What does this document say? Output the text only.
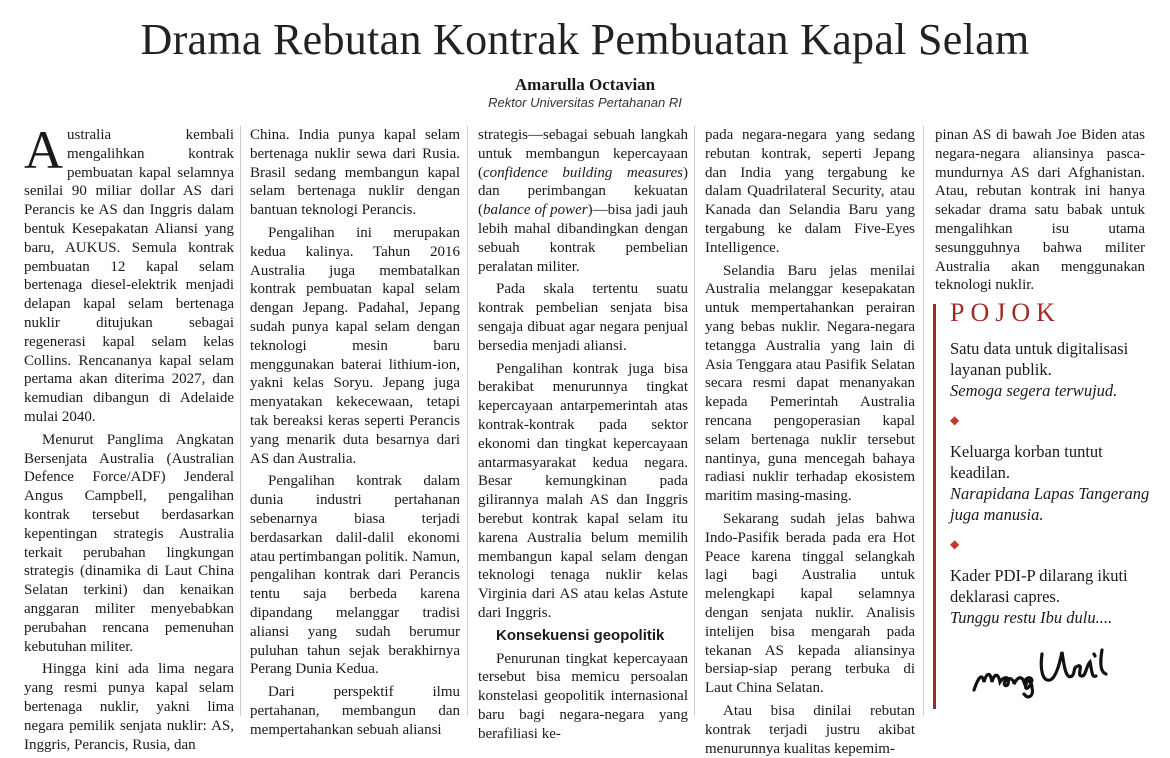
Drama Rebutan Kontrak Pembuatan Kapal Selam
Amarulla Octavian
Rektor Universitas Pertahanan RI

Australia kembali mengalihkan kontrak pembuatan kapal selamnya senilai 90 miliar dollar AS dari Perancis ke AS dan Inggris dalam bentuk Kesepakatan Aliansi yang baru, AUKUS. Semula kontrak pembuatan 12 kapal selam bertenaga diesel-elektrik menjadi delapan kapal selam bertenaga nuklir ditujukan sebagai regenerasi kapal selam kelas Collins. Rencananya kapal selam pertama akan diterima 2027, dan kemudian dibangun di Adelaide mulai 2040.

Menurut Panglima Angkatan Bersenjata Australia (Australian Defence Force/ADF) Jenderal Angus Campbell, pengalihan kontrak tersebut berdasarkan kepentingan strategis Australia terkait perubahan lingkungan strategis (dinamika di Laut China Selatan terkini) dan kenaikan anggaran militer menyebabkan perubahan rencana pemenuhan kebutuhan militer.

Hingga kini ada lima negara yang resmi punya kapal selam bertenaga nuklir, yakni lima negara pemilik senjata nuklir: AS, Inggris, Perancis, Rusia, dan

China. India punya kapal selam bertenaga nuklir sewa dari Rusia. Brasil sedang membangun kapal selam bertenaga nuklir dengan bantuan teknologi Perancis.

Pengalihan ini merupakan kedua kalinya. Tahun 2016 Australia juga membatalkan kontrak pembuatan kapal selam dengan Jepang. Padahal, Jepang sudah punya kapal selam dengan teknologi mesin baru menggunakan baterai lithium-ion, yakni kelas Soryu. Jepang juga menyatakan kekecewaan, tetapi tak bereaksi keras seperti Perancis yang menarik duta besarnya dari AS dan Australia.

Pengalihan kontrak dalam dunia industri pertahanan sebenarnya biasa terjadi berdasarkan dalil-dalil ekonomi atau pertimbangan politik. Namun, pengalihan kontrak dari Perancis tentu saja berbeda karena dipandang melanggar tradisi aliansi yang sudah berumur puluhan tahun sejak berakhirnya Perang Dunia Kedua.

Dari perspektif ilmu pertahanan, membangun dan mempertahankan sebuah aliansi

strategis—sebagai sebuah langkah untuk membangun kepercayaan (confidence building measures) dan perimbangan kekuatan (balance of power)—bisa jadi jauh lebih mahal dibandingkan dengan sebuah kontrak pembelian peralatan militer.

Pada skala tertentu suatu kontrak pembelian senjata bisa sengaja dibuat agar negara penjual bersedia menjadi aliansi.

Pengalihan kontrak juga bisa berakibat menurunnya tingkat kepercayaan antarpemerintah atas kontrak-kontrak pada sektor ekonomi dan tingkat kepercayaan antarmasyarakat kedua negara. Besar kemungkinan pada gilirannya malah AS dan Inggris berebut kontrak kapal selam itu karena Australia belum memilih membangun kapal selam dengan teknologi tenaga nuklir kelas Virginia dari AS atau kelas Astute dari Inggris.

Konsekuensi geopolitik

Penurunan tingkat kepercayaan tersebut bisa memicu persoalan konstelasi geopolitik internasional baru bagi negara-negara yang berafiliasi ke-

pada negara-negara yang sedang rebutan kontrak, seperti Jepang dan India yang tergabung ke dalam Quadrilateral Security, atau Kanada dan Selandia Baru yang tergabung ke dalam Five-Eyes Intelligence.

Selandia Baru jelas menilai Australia melanggar kesepakatan untuk mempertahankan perairan yang bebas nuklir. Negara-negara tetangga Australia yang lain di Asia Tenggara atau Pasifik Selatan secara resmi dapat menanyakan kepada Pemerintah Australia rencana pengoperasian kapal selam bertenaga nuklir tersebut nantinya, guna mencegah bahaya radiasi nuklir terhadap ekosistem maritim masing-masing.

Sekarang sudah jelas bahwa Indo-Pasifik berada pada era Hot Peace karena tinggal selangkah lagi bagi Australia untuk melengkapi kapal selamnya dengan senjata nuklir. Analisis intelijen bisa mengarah pada tekanan AS kepada aliansinya bersiap-siap perang terbuka di Laut China Selatan.

Atau bisa dinilai rebutan kontrak terjadi justru akibat menurunnya kualitas kepemim-

pinan AS di bawah Joe Biden atas negara-negara aliansinya pasca-mundurnya AS dari Afghanistan. Atau, rebutan kontrak ini hanya sekadar drama satu babak untuk mengalihkan isu utama sesungguhnya bahwa militer Australia akan menggunakan teknologi nuklir.

POJOK
Satu data untuk digitalisasi layanan publik.
Semoga segera terwujud.
◆
Keluarga korban tuntut keadilan.
Narapidana Lapas Tangerang juga manusia.
◆
Kader PDI-P dilarang ikuti deklarasi capres.
Tunggu restu Ibu dulu....
